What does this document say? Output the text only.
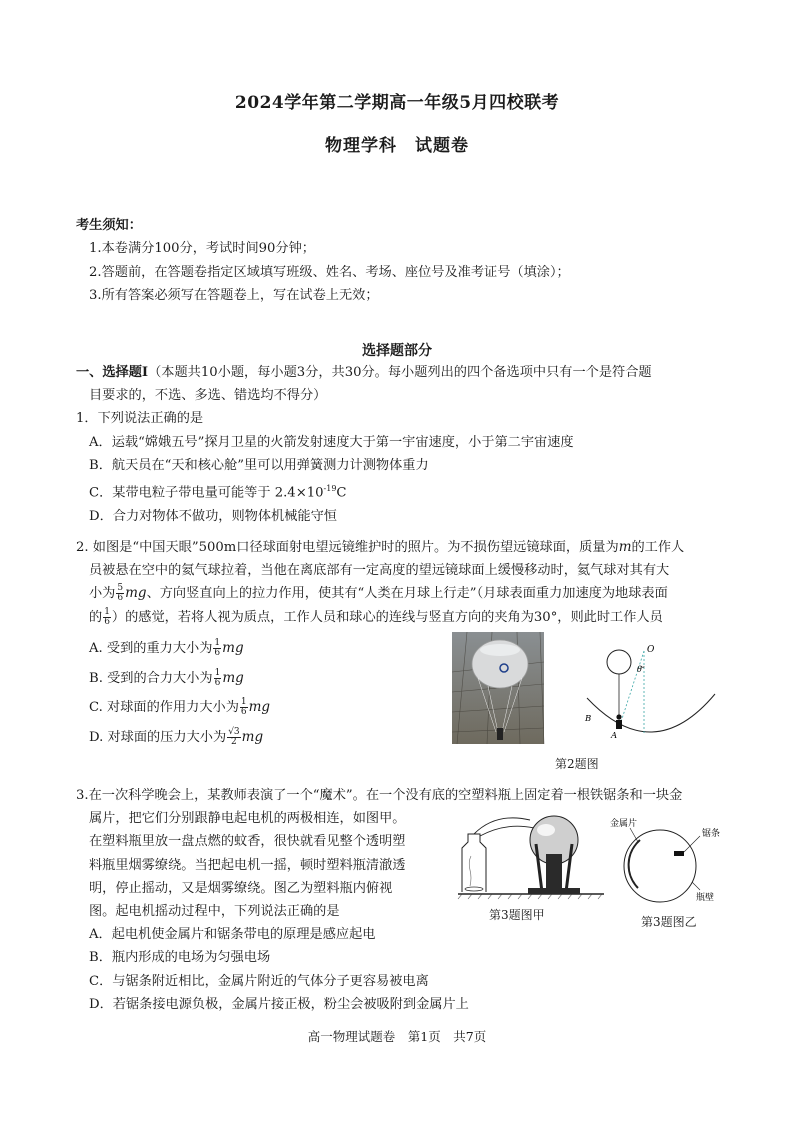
2024学年第二学期高一年级5月四校联考
物理学科 试题卷
考生须知：
1.本卷满分100分，考试时间90分钟；
2.答题前，在答题卷指定区域填写班级、姓名、考场、座位号及准考证号（填涂）；
3.所有答案必须写在答题卷上，写在试卷上无效；
选择题部分
一、选择题Ⅰ（本题共10小题，每小题3分，共30分。每小题列出的四个备选项中只有一个是符合题
目要求的，不选、多选、错选均不得分）
1．下列说法正确的是
A．运载“嫦娥五号”探月卫星的火箭发射速度大于第一宇宙速度，小于第二宇宙速度
B．航天员在“天和核心舱”里可以用弹簧测力计测物体重力
C．某带电粒子带电量可能等于 $2.4\times 10^{-19}C$
D．合力对物体不做功，则物体机械能守恒
2. 如图是“中国天眼”500m口径球面射电望远镜维护时的照片。为不损伤望远镜球面，质量为m的工作人
员被悬在空中的氦气球拉着，当他在离底部有一定高度的望远镜球面上缓慢移动时，氦气球对其有大
小为 $\frac{5}{6}$ mg、方向竖直向上的拉力作用，使其有“人类在月球上行走”（月球表面重力加速度为地球表面
的 $\frac{1}{6}$ ）的感觉，若将人视为质点，工作人员和球心的连线与竖直方向的夹角为30°，则此时工作人员
A. 受到的重力大小为 $\frac{1}{6}$ mg
B. 受到的合力大小为 $\frac{1}{6}$ mg
C. 对球面的作用力大小为 $\frac{1}{6}$ mg
D. 对球面的压力大小为 $\frac{√3}{2}$ mg
O
θ
A
B
第2题图
3.在一次科学晚会上，某教师表演了一个“魔术”。在一个没有底的空塑料瓶上固定着一根铁锯条和一块金
属片，把它们分别跟静电起电机的两极相连，如图甲。
在塑料瓶里放一盘点燃的蚊香，很快就看见整个透明塑
料瓶里烟雾缭绕。当把起电机一摇，顿时塑料瓶清澈透
明，停止摇动，又是烟雾缭绕。图乙为塑料瓶内俯视
图。起电机摇动过程中，下列说法正确的是
A．起电机使金属片和锯条带电的原理是感应起电
B．瓶内形成的电场为匀强电场
C．与锯条附近相比，金属片附近的气体分子更容易被电离
D．若锯条接电源负极，金属片接正极，粉尘会被吸附到金属片上
第3题图甲
金属片
锯条
瓶壁
第3题图乙
高一物理试题卷　第1页　共7页
